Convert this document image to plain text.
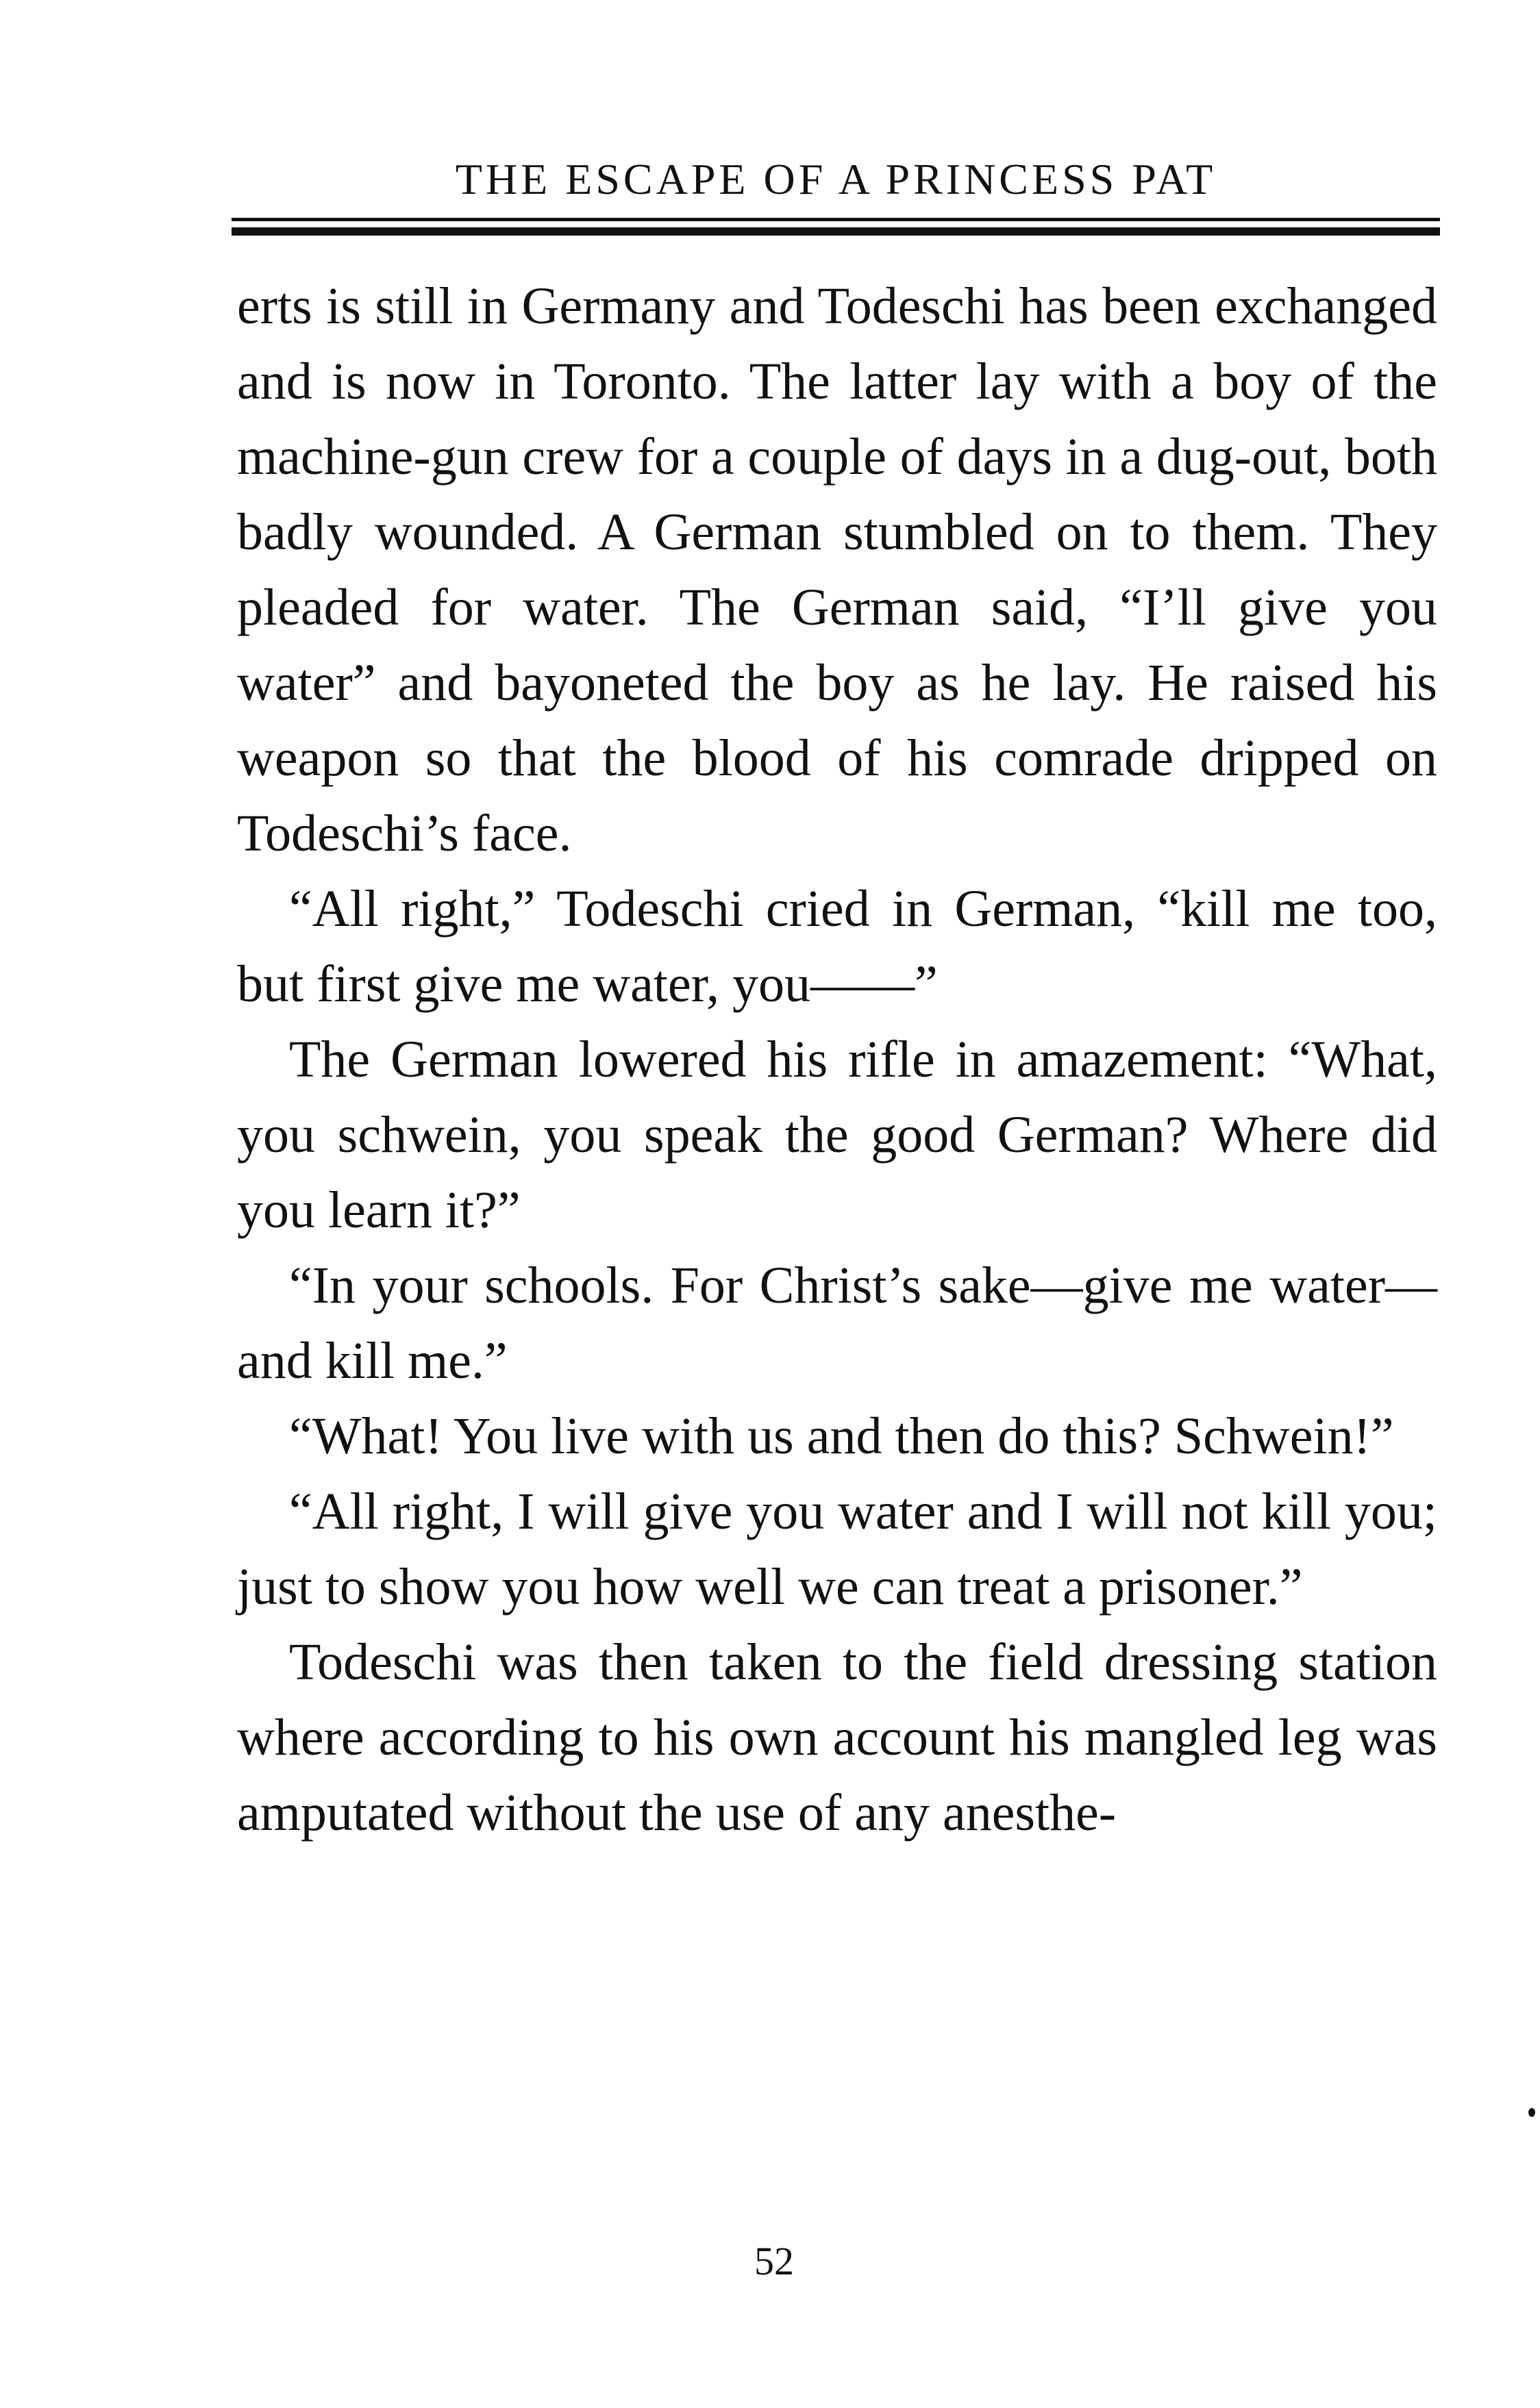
THE ESCAPE OF A PRINCESS PAT

erts is still in Germany and Todeschi has been exchanged and is now in Toronto. The latter lay with a boy of the machine-gun crew for a couple of days in a dug-out, both badly wounded. A German stumbled on to them. They pleaded for water. The German said, “I’ll give you water” and bayoneted the boy as he lay. He raised his weapon so that the blood of his comrade dripped on Todeschi’s face.

“All right,” Todeschi cried in German, “kill me too, but first give me water, you——”

The German lowered his rifle in amazement: “What, you schwein, you speak the good German? Where did you learn it?”

“In your schools. For Christ’s sake—give me water—and kill me.”

“What! You live with us and then do this? Schwein!”

“All right, I will give you water and I will not kill you; just to show you how well we can treat a prisoner.”

Todeschi was then taken to the field dressing station where according to his own account his mangled leg was amputated without the use of any anesthe-

52
